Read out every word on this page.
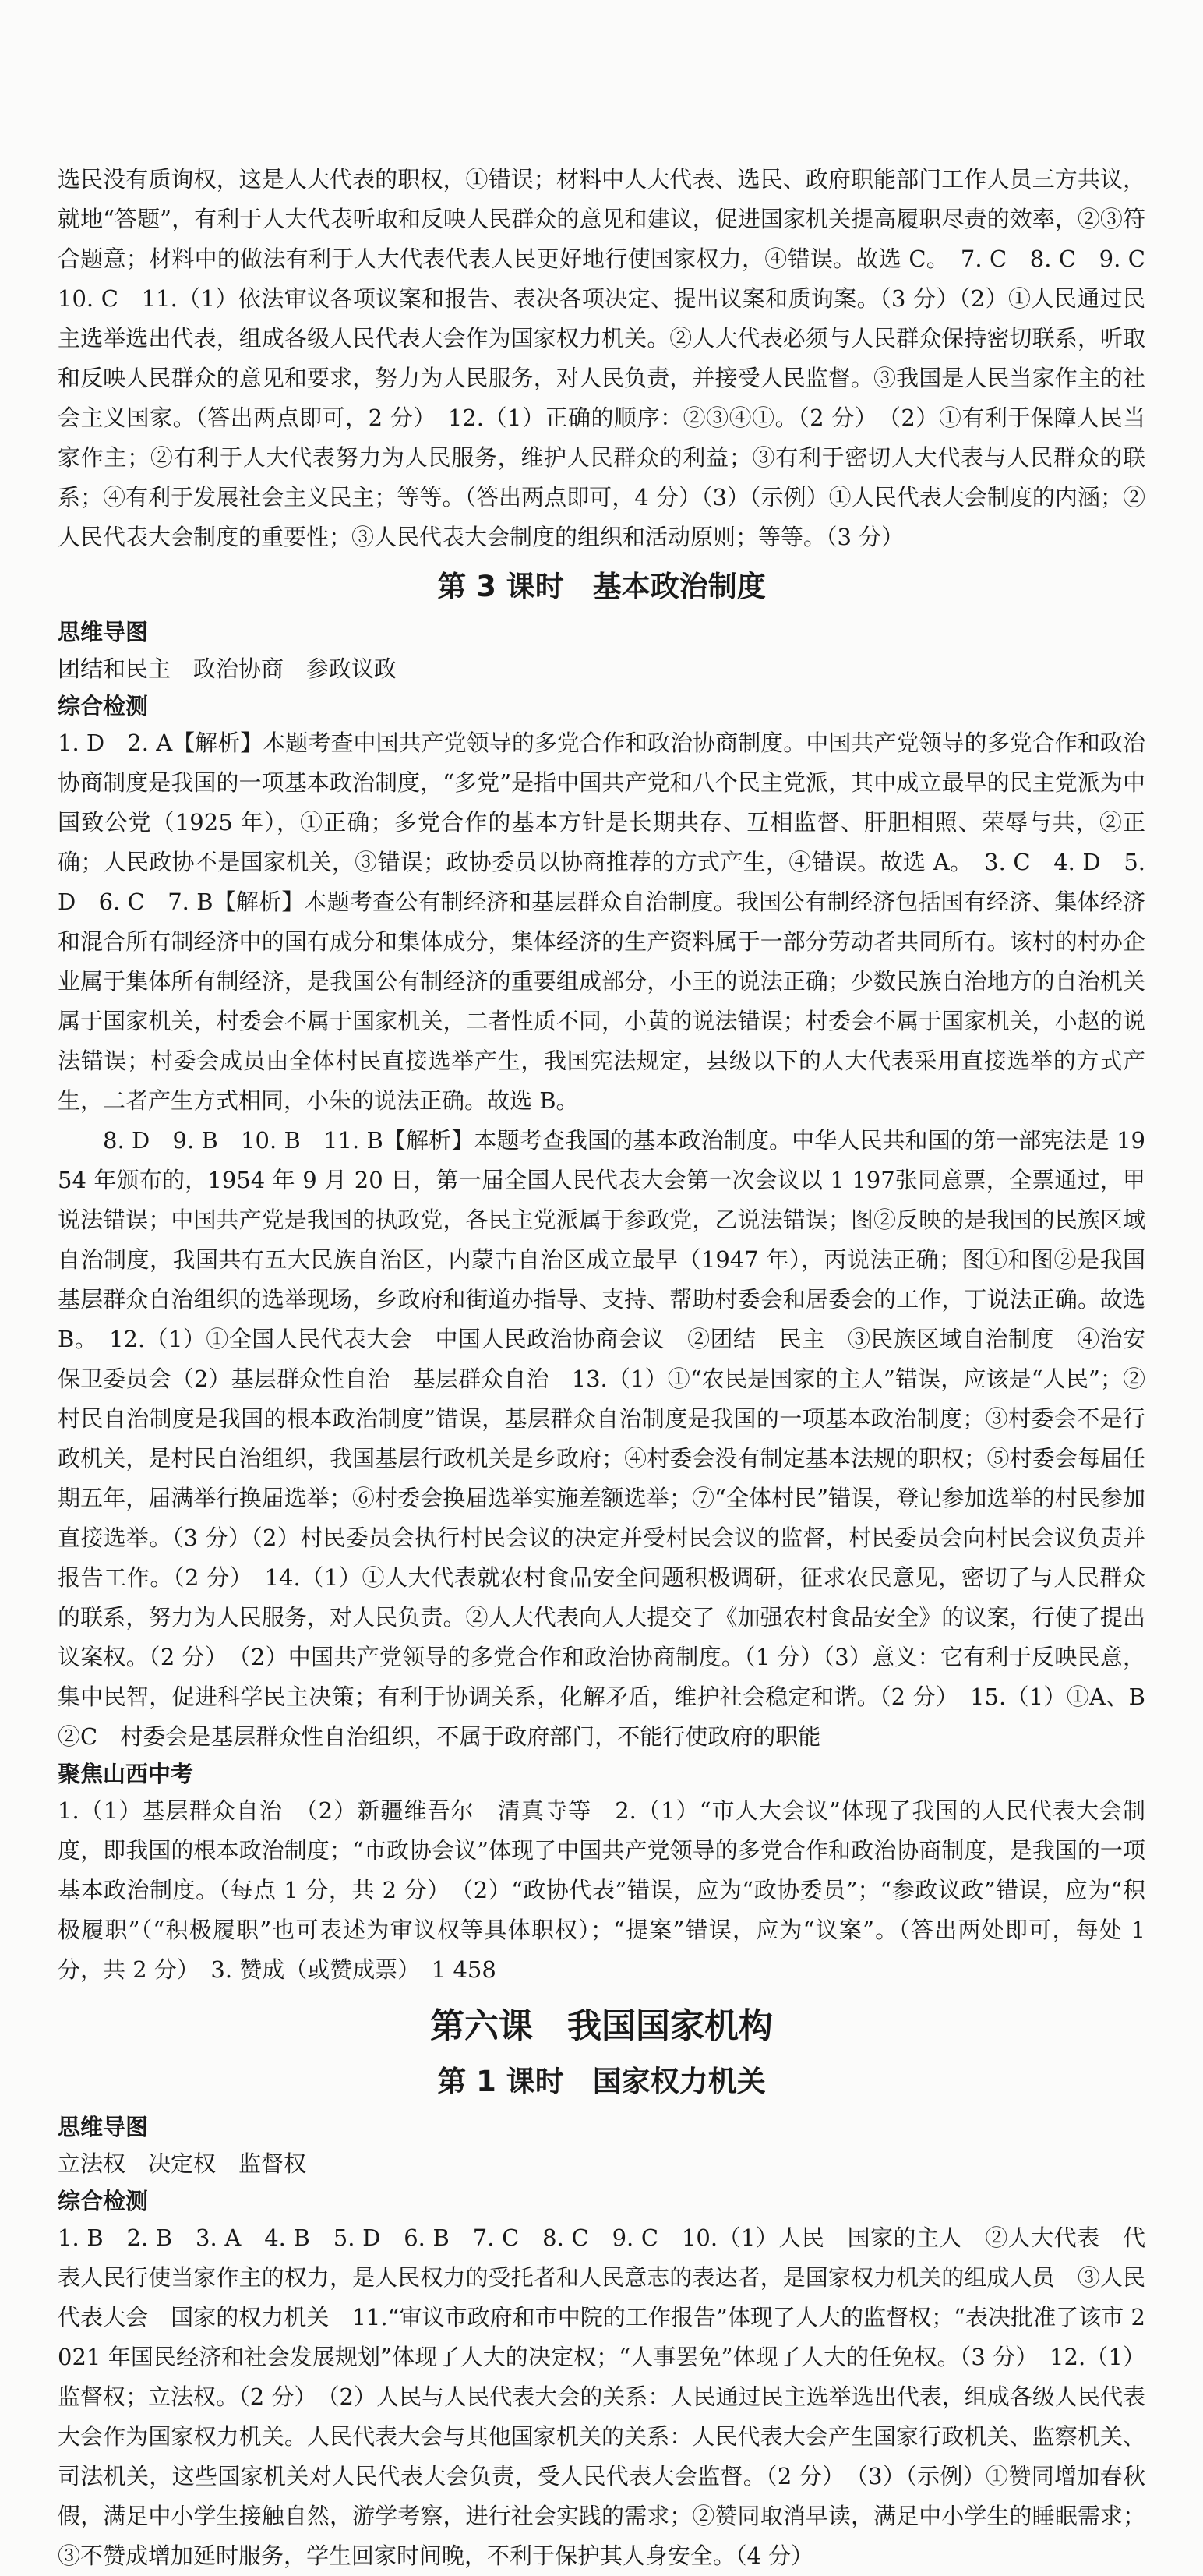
选民没有质询权，这是人大代表的职权，①错误；材料中人大代表、选民、政府职能部门工作人员三方共议，就地“答题”，有利于人大代表听取和反映人民群众的意见和建议，促进国家机关提高履职尽责的效率，②③符合题意；材料中的做法有利于人大代表代表人民更好地行使国家权力，④错误。故选 C。　7. C　8. C　9. C　10. C　11.（1）依法审议各项议案和报告、表决各项决定、提出议案和质询案。（3 分）（2）①人民通过民主选举选出代表，组成各级人民代表大会作为国家权力机关。②人大代表必须与人民群众保持密切联系，听取和反映人民群众的意见和要求，努力为人民服务，对人民负责，并接受人民监督。③我国是人民当家作主的社会主义国家。（答出两点即可，2 分）　12.（1）正确的顺序：②③④①。（2 分）　（2）①有利于保障人民当家作主；②有利于人大代表努力为人民服务，维护人民群众的利益；③有利于密切人大代表与人民群众的联系；④有利于发展社会主义民主；等等。（答出两点即可，4 分）（3）（示例）①人民代表大会制度的内涵；②人民代表大会制度的重要性；③人民代表大会制度的组织和活动原则；等等。（3 分）

第 3 课时　基本政治制度
思维导图

团结和民主　政治协商　参政议政

综合检测

1. D　2. A【解析】本题考查中国共产党领导的多党合作和政治协商制度。中国共产党领导的多党合作和政治协商制度是我国的一项基本政治制度，“多党”是指中国共产党和八个民主党派，其中成立最早的民主党派为中国致公党（1925 年），①正确；多党合作的基本方针是长期共存、互相监督、肝胆相照、荣辱与共，②正确；人民政协不是国家机关，③错误；政协委员以协商推荐的方式产生，④错误。故选 A。　3. C　4. D　5. D　6. C　7. B【解析】本题考查公有制经济和基层群众自治制度。我国公有制经济包括国有经济、集体经济和混合所有制经济中的国有成分和集体成分，集体经济的生产资料属于一部分劳动者共同所有。该村的村办企业属于集体所有制经济，是我国公有制经济的重要组成部分，小王的说法正确；少数民族自治地方的自治机关属于国家机关，村委会不属于国家机关，二者性质不同，小黄的说法错误；村委会不属于国家机关，小赵的说法错误；村委会成员由全体村民直接选举产生，我国宪法规定，县级以下的人大代表采用直接选举的方式产生，二者产生方式相同，小朱的说法正确。故选 B。

8. D　9. B　10. B　11. B【解析】本题考查我国的基本政治制度。中华人民共和国的第一部宪法是 1954 年颁布的，1954 年 9 月 20 日，第一届全国人民代表大会第一次会议以 1 197张同意票，全票通过，甲说法错误；中国共产党是我国的执政党，各民主党派属于参政党，乙说法错误；图②反映的是我国的民族区域自治制度，我国共有五大民族自治区，内蒙古自治区成立最早（1947 年），丙说法正确；图①和图②是我国基层群众自治组织的选举现场，乡政府和街道办指导、支持、帮助村委会和居委会的工作，丁说法正确。故选 B。　12.（1）①全国人民代表大会　中国人民政治协商会议　②团结　民主　③民族区域自治制度　④治安保卫委员会（2）基层群众性自治　基层群众自治　13.（1）①“农民是国家的主人”错误，应该是“人民”；②村民自治制度是我国的根本政治制度”错误，基层群众自治制度是我国的一项基本政治制度；③村委会不是行政机关，是村民自治组织，我国基层行政机关是乡政府；④村委会没有制定基本法规的职权；⑤村委会每届任期五年，届满举行换届选举；⑥村委会换届选举实施差额选举；⑦“全体村民”错误，登记参加选举的村民参加直接选举。（3 分）（2）村民委员会执行村民会议的决定并受村民会议的监督，村民委员会向村民会议负责并报告工作。（2 分）　14.（1）①人大代表就农村食品安全问题积极调研，征求农民意见，密切了与人民群众的联系，努力为人民服务，对人民负责。②人大代表向人大提交了《加强农村食品安全》的议案，行使了提出议案权。（2 分）　（2）中国共产党领导的多党合作和政治协商制度。（1 分）（3）意义：它有利于反映民意，集中民智，促进科学民主决策；有利于协调关系，化解矛盾，维护社会稳定和谐。（2 分）　15.（1）①A、B　②C　村委会是基层群众性自治组织，不属于政府部门，不能行使政府的职能

聚焦山西中考

1.（1）基层群众自治　（2）新疆维吾尔　清真寺等　2.（1）“市人大会议”体现了我国的人民代表大会制度，即我国的根本政治制度；“市政协会议”体现了中国共产党领导的多党合作和政治协商制度，是我国的一项基本政治制度。（每点 1 分，共 2 分）　（2）“政协代表”错误，应为“政协委员”；“参政议政”错误，应为“积极履职”（“积极履职”也可表述为审议权等具体职权）；“提案”错误，应为“议案”。（答出两处即可，每处 1 分，共 2 分）　3. 赞成（或赞成票）　1 458

第六课　我国国家机构
第 1 课时　国家权力机关
思维导图

立法权　决定权　监督权

综合检测

1. B　2. B　3. A　4. B　5. D　6. B　7. C　8. C　9. C　10.（1）人民　国家的主人　②人大代表　代表人民行使当家作主的权力，是人民权力的受托者和人民意志的表达者，是国家权力机关的组成人员　③人民代表大会　国家的权力机关　11.“审议市政府和市中院的工作报告”体现了人大的监督权；“表决批准了该市 2021 年国民经济和社会发展规划”体现了人大的决定权；“人事罢免”体现了人大的任免权。（3 分）　12.（1）监督权；立法权。（2 分）　（2）人民与人民代表大会的关系：人民通过民主选举选出代表，组成各级人民代表大会作为国家权力机关。人民代表大会与其他国家机关的关系：人民代表大会产生国家行政机关、监察机关、司法机关，这些国家机关对人民代表大会负责，受人民代表大会监督。（2 分）　（3）（示例）①赞同增加春秋假，满足中小学生接触自然，游学考察，进行社会实践的需求；②赞同取消早读，满足中小学生的睡眠需求；③不赞成增加延时服务，学生回家时间晚，不利于保护其人身安全。（4 分）
